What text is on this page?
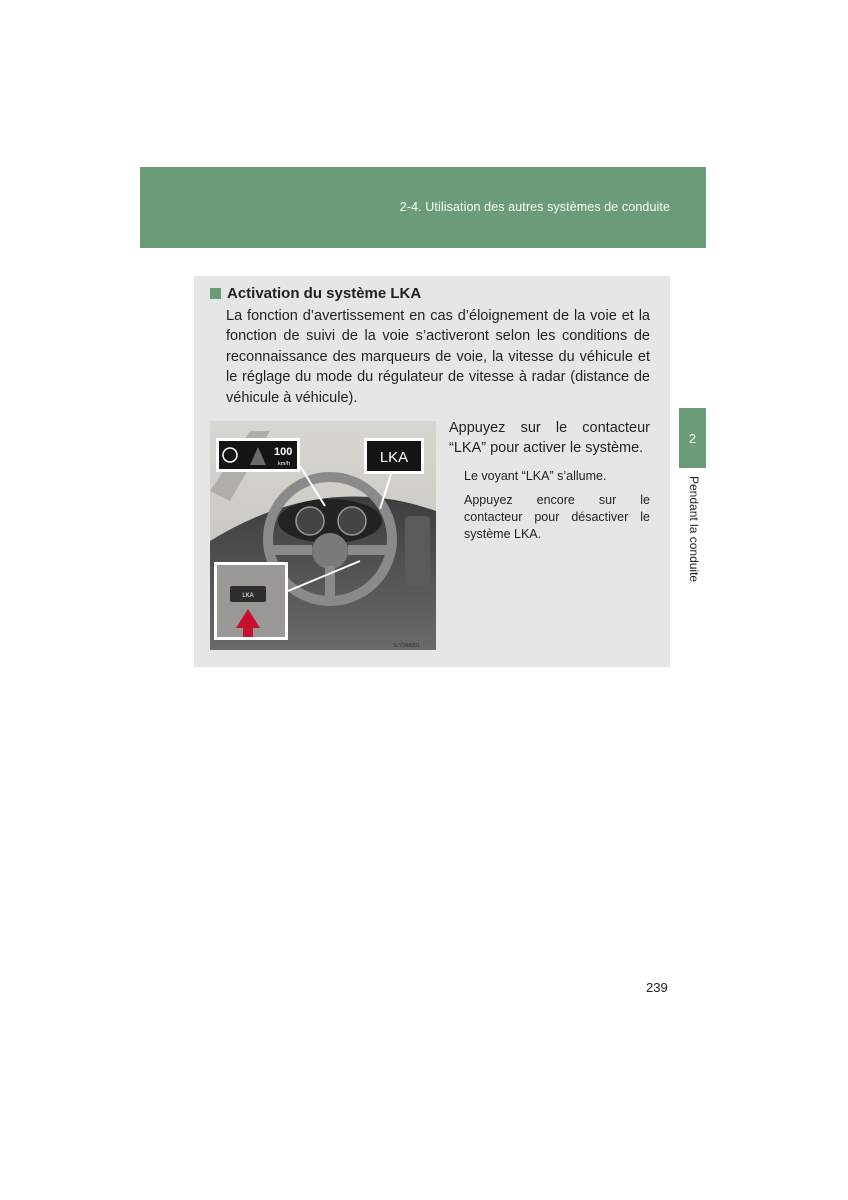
2-4. Utilisation des autres systèmes de conduite
2
Pendant la conduite
Activation du système LKA

La fonction d’avertissement en cas d’éloignement de la voie et la fonction de suivi de la voie s’activeront selon les conditions de reconnaissance des marqueurs de voie, la vitesse du véhicule et le réglage du mode du régulateur de vitesse à radar (distance de véhicule à véhicule).

100
km/h	LKA
LKA
SLY2AA201

Appuyez sur le contacteur “LKA” pour activer le système.

Le voyant “LKA” s’allume.

Appuyez encore sur le contacteur pour désactiver le système LKA.

239
